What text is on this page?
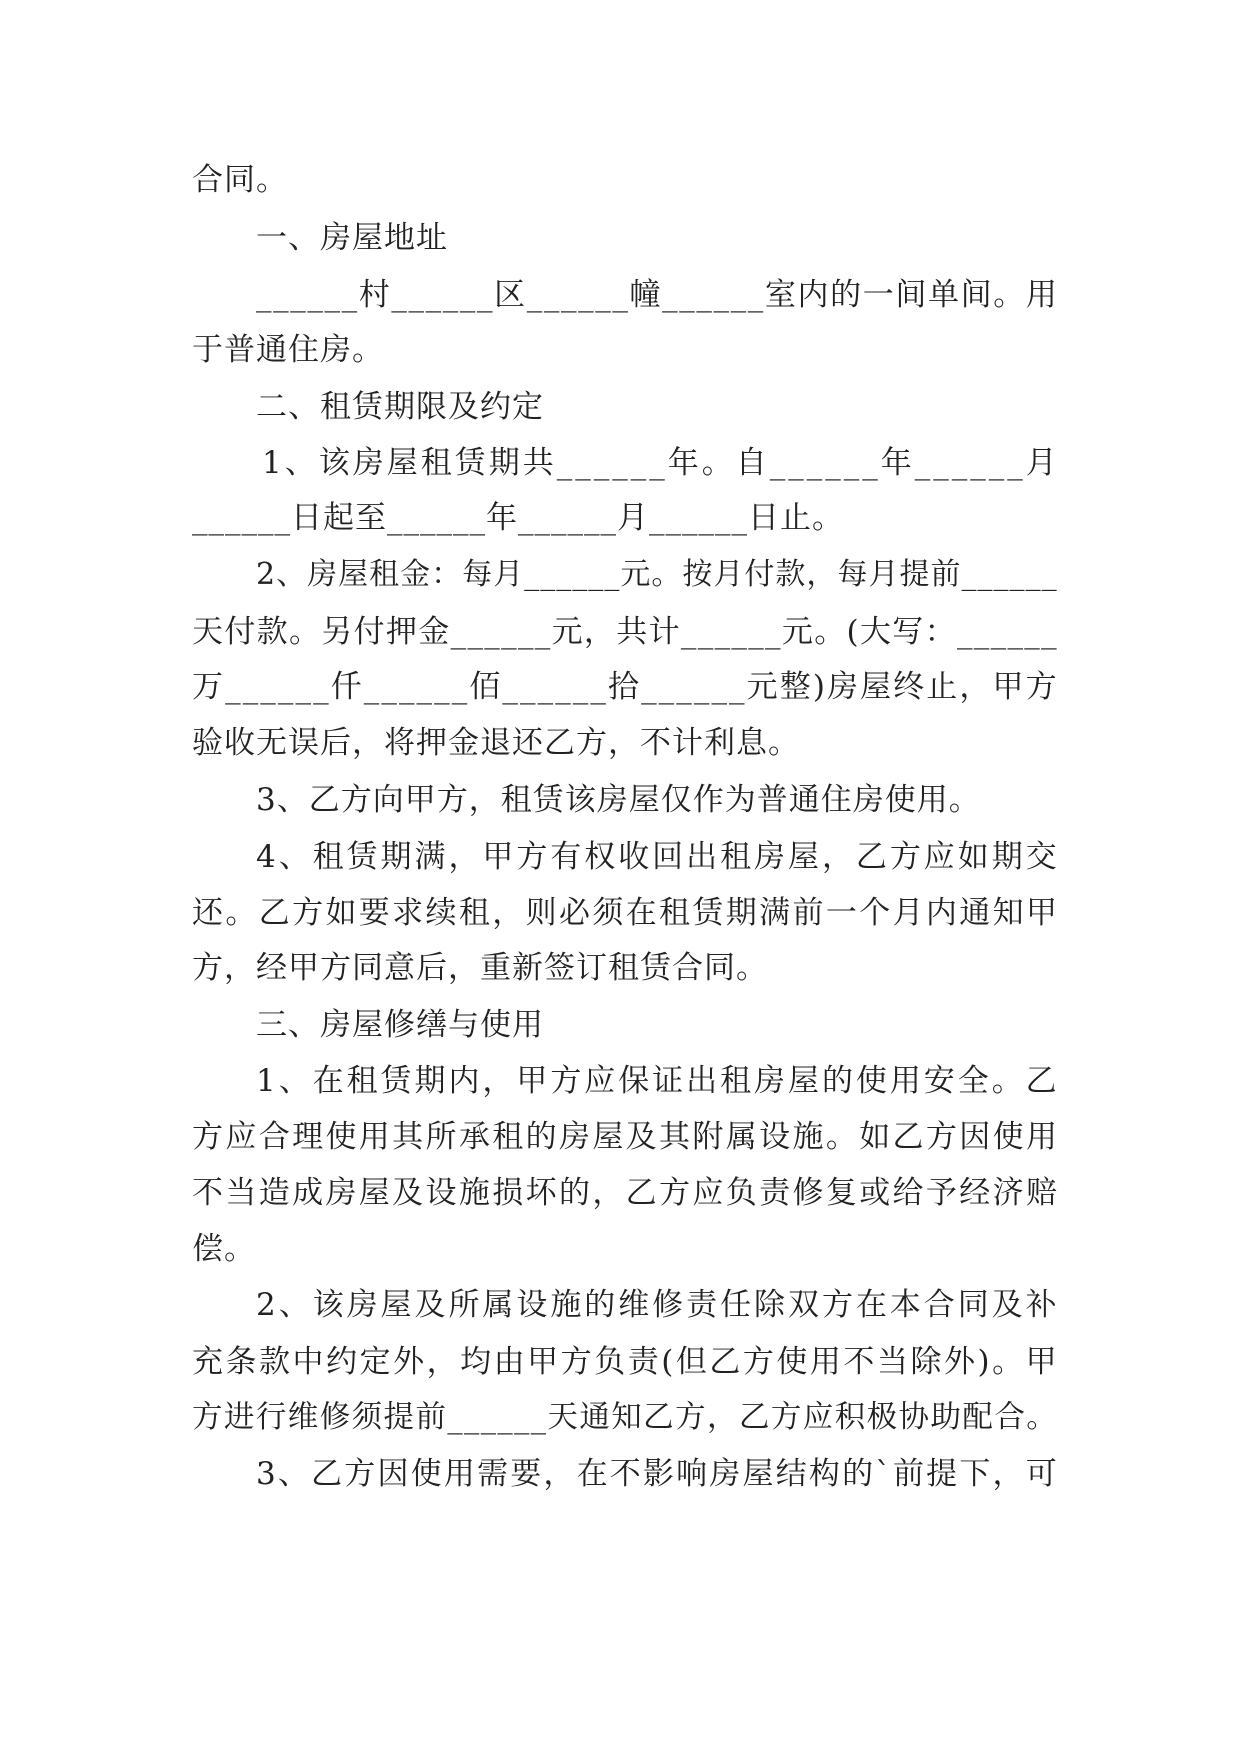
合同。
一、房屋地址
_ _ _ _ _ _ 村 _ _ _ _ _ _ 区 _ _ _ _ _ _ 幢 _ _ _ _ _ _ 室 内 的 一 间 单 间 。 用
于普通住房。
二、租赁期限及约定
1 、 该 房 屋 租 赁 期 共 _ _ _ _ _ _ 年 。 自 _ _ _ _ _ _ 年 _ _ _ _ _ _ 月
______日起至______年______月______日止。
2 、 房 屋 租 金 ： 每 月 _ _ _ _ _ _ 元 。 按 月 付 款 ， 每 月 提 前 _ _ _ _ _ _
天 付 款 。 另 付 押 金 _ _ _ _ _ _ 元 ， 共 计 _ _ _ _ _ _ 元 。 ( 大 写 ： _ _ _ _ _ _
万 _ _ _ _ _ _ 仟 _ _ _ _ _ _ 佰 _ _ _ _ _ _ 拾 _ _ _ _ _ _ 元 整 ) 房 屋 终 止 ， 甲 方
验收无误后，将押金退还乙方，不计利息。
3、乙方向甲方，租赁该房屋仅作为普通住房使用。
4 、 租 赁 期 满 ， 甲 方 有 权 收 回 出 租 房 屋 ， 乙 方 应 如 期 交
还 。 乙 方 如 要 求 续 租 ， 则 必 须 在 租 赁 期 满 前 一 个 月 内 通 知 甲
方，经甲方同意后，重新签订租赁合同。
三、房屋修缮与使用
1 、 在 租 赁 期 内 ， 甲 方 应 保 证 出 租 房 屋 的 使 用 安 全 。 乙
方 应 合 理 使 用 其 所 承 租 的 房 屋 及 其 附 属 设 施 。 如 乙 方 因 使 用
不 当 造 成 房 屋 及 设 施 损 坏 的 ， 乙 方 应 负 责 修 复 或 给 予 经 济 赔
偿。
2 、 该 房 屋 及 所 属 设 施 的 维 修 责 任 除 双 方 在 本 合 同 及 补
充 条 款 中 约 定 外 ， 均 由 甲 方 负 责 ( 但 乙 方 使 用 不 当 除 外 ) 。 甲
方 进 行 维 修 须 提 前 _ _ _ _ _ _ 天 通 知 乙 方 ， 乙 方 应 积 极 协 助 配 合 。
3 、 乙 方 因 使 用 需 要 ， 在 不 影 响 房 屋 结 构 的 ` 前 提 下 ， 可
